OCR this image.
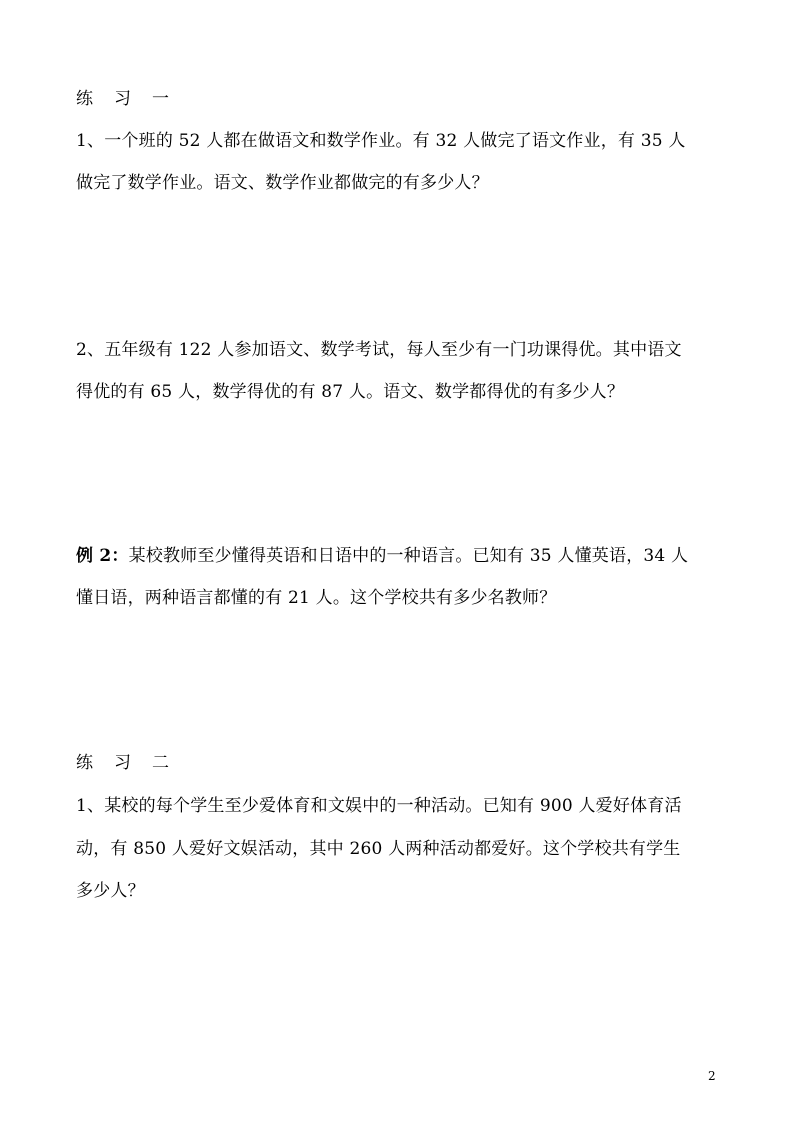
练 习 一
1、一个班的 52 人都在做语文和数学作业。有 32 人做完了语文作业，有 35 人
做完了数学作业。语文、数学作业都做完的有多少人？
2、五年级有 122 人参加语文、数学考试，每人至少有一门功课得优。其中语文
得优的有 65 人，数学得优的有 87 人。语文、数学都得优的有多少人？
例 2：某校教师至少懂得英语和日语中的一种语言。已知有 35 人懂英语，34 人
懂日语，两种语言都懂的有 21 人。这个学校共有多少名教师？
练 习 二
1、某校的每个学生至少爱体育和文娱中的一种活动。已知有 900 人爱好体育活
动，有 850 人爱好文娱活动，其中 260 人两种活动都爱好。这个学校共有学生
多少人？
2
